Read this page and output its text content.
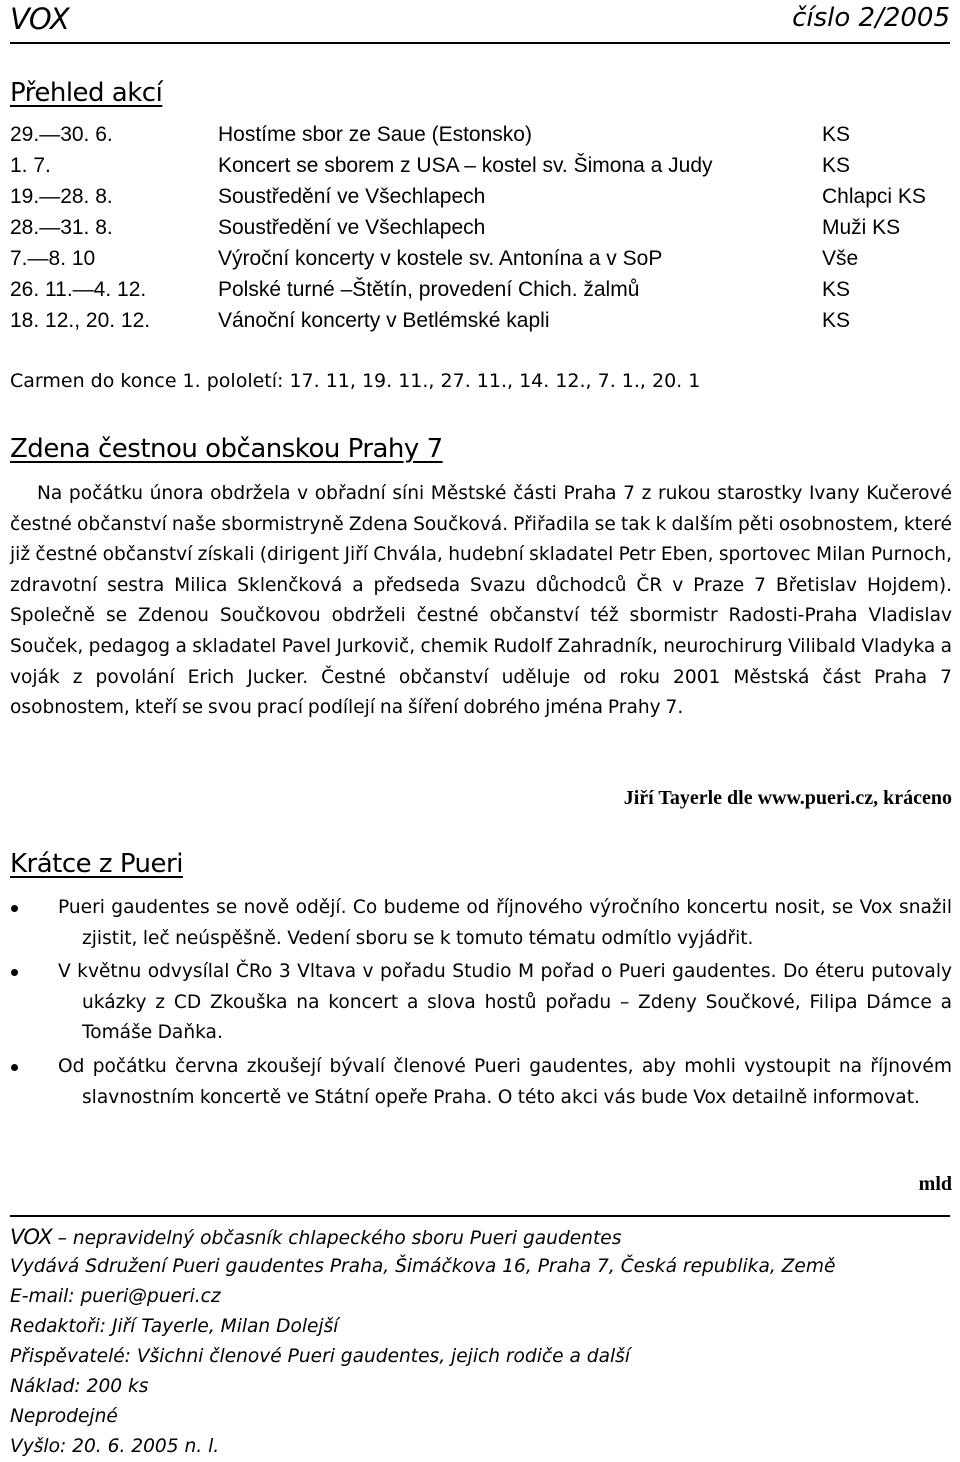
VOX	číslo 2/2005
Přehled akcí
29.—30. 6.	Hostíme sbor ze Saue (Estonsko)	KS
1. 7.	Koncert se sborem z USA – kostel sv. Šimona a Judy	KS
19.—28. 8.	Soustředění ve Všechlapech	Chlapci KS
28.—31. 8.	Soustředění ve Všechlapech	Muži KS
7.—8. 10	Výroční koncerty v kostele sv. Antonína a v SoP	Vše
26. 11.—4. 12.	Polské turné –Štětín, provedení Chich. žalmů	KS
18. 12., 20. 12.	Vánoční koncerty v Betlémské kapli	KS
Carmen do konce 1. pololetí: 17. 11, 19. 11., 27. 11., 14. 12., 7. 1., 20. 1
Zdena čestnou občanskou Prahy 7

Na počátku února obdržela v obřadní síni Městské části Praha 7 z rukou starostky Ivany Kučerové čestné občanství naše sbormistryně Zdena Součková. Přiřadila se tak k dalším pěti osobnostem, které již čestné občanství získali (dirigent Jiří Chvála, hudební skladatel Petr Eben, sportovec Milan Purnoch, zdravotní sestra Milica Sklenčková a předseda Svazu důchodců ČR v Praze 7 Břetislav Hojdem). Společně se Zdenou Součkovou obdrželi čestné občanství též sbormistr Radosti-Praha Vladislav Souček, pedagog a skladatel Pavel Jurkovič, chemik Rudolf Zahradník, neurochirurg Vilibald Vladyka a voják z povolání Erich Jucker. Čestné občanství uděluje od roku 2001 Městská část Praha 7 osobnostem, kteří se svou prací podílejí na šíření dobrého jména Prahy 7.

Jiří Tayerle dle www.pueri.cz, kráceno
Krátce z Pueri
Pueri gaudentes se nově odějí. Co budeme od říjnového výročního koncertu nosit, se Vox snažil zjistit, leč neúspěšně. Vedení sboru se k tomuto tématu odmítlo vyjádřit.
V květnu odvysílal ČRo 3 Vltava v pořadu Studio M pořad o Pueri gaudentes. Do éteru putovaly ukázky z CD Zkouška na koncert a slova hostů pořadu – Zdeny Součkové, Filipa Dámce a Tomáše Daňka.
Od počátku června zkoušejí bývalí členové Pueri gaudentes, aby mohli vystoupit na říjnovém slavnostním koncertě ve Státní opeře Praha. O této akci vás bude Vox detailně informovat.
mld
VOX – nepravidelný občasník chlapeckého sboru Pueri gaudentes
Vydává Sdružení Pueri gaudentes Praha, Šimáčkova 16, Praha 7, Česká republika, Země
E-mail: pueri@pueri.cz
Redaktoři: Jiří Tayerle, Milan Dolejší
Přispěvatelé: Všichni členové Pueri gaudentes, jejich rodiče a další
Náklad: 200 ks
Neprodejné
Vyšlo: 20. 6. 2005 n. l.
